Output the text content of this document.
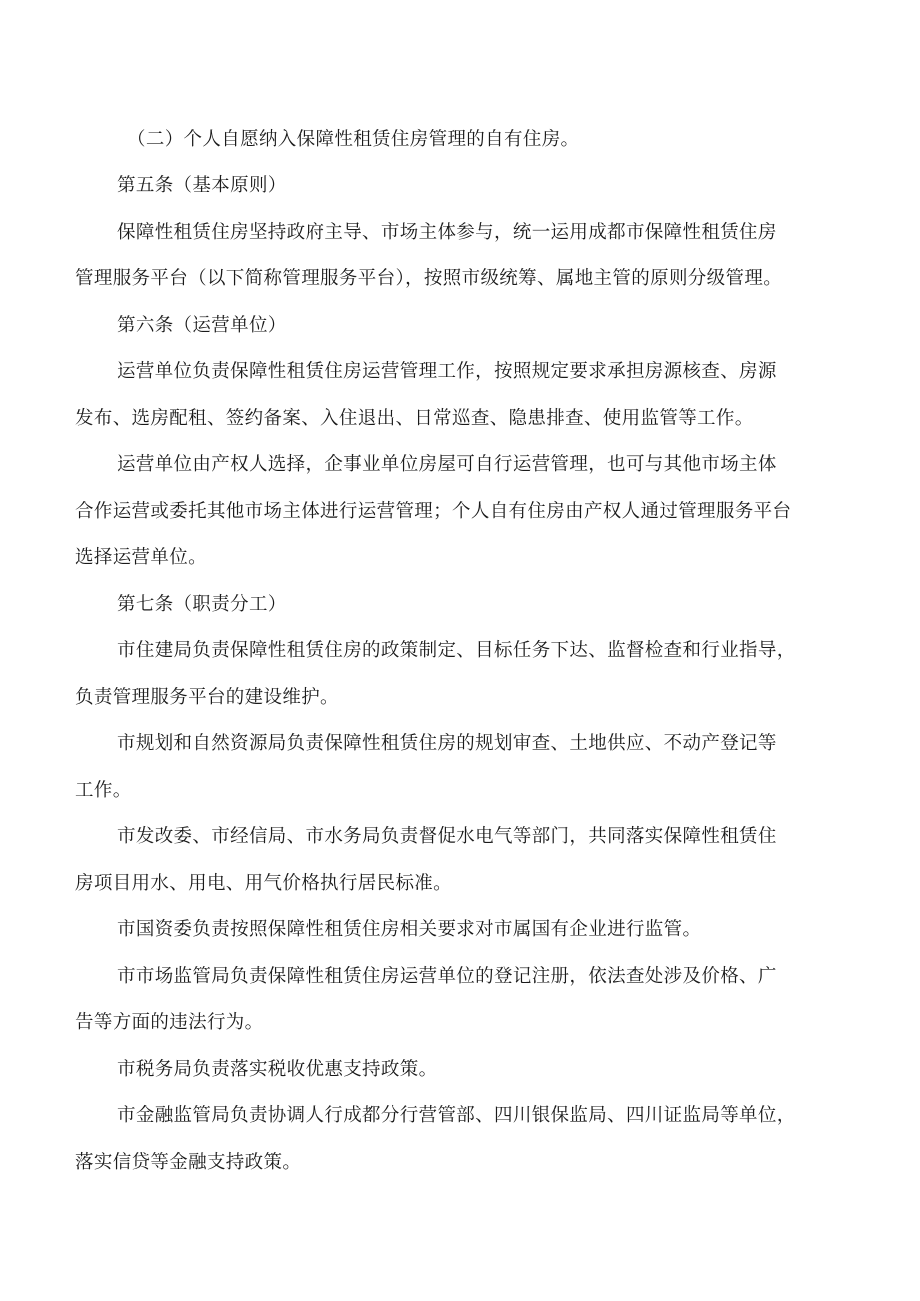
（二）个人自愿纳入保障性租赁住房管理的自有住房。
第五条（基本原则）
保障性租赁住房坚持政府主导、市场主体参与，统一运用成都市保障性租赁住房
管理服务平台（以下简称管理服务平台），按照市级统筹、属地主管的原则分级管理。
第六条（运营单位）
运营单位负责保障性租赁住房运营管理工作，按照规定要求承担房源核查、房源
发布、选房配租、签约备案、入住退出、日常巡查、隐患排查、使用监管等工作。
运营单位由产权人选择，企事业单位房屋可自行运营管理，也可与其他市场主体
合作运营或委托其他市场主体进行运营管理；个人自有住房由产权人通过管理服务平台
选择运营单位。
第七条（职责分工）
市住建局负责保障性租赁住房的政策制定、目标任务下达、监督检查和行业指导，
负责管理服务平台的建设维护。
市规划和自然资源局负责保障性租赁住房的规划审查、土地供应、不动产登记等
工作。
市发改委、市经信局、市水务局负责督促水电气等部门，共同落实保障性租赁住
房项目用水、用电、用气价格执行居民标准。
市国资委负责按照保障性租赁住房相关要求对市属国有企业进行监管。
市市场监管局负责保障性租赁住房运营单位的登记注册，依法查处涉及价格、广
告等方面的违法行为。
市税务局负责落实税收优惠支持政策。
市金融监管局负责协调人行成都分行营管部、四川银保监局、四川证监局等单位，
落实信贷等金融支持政策。
